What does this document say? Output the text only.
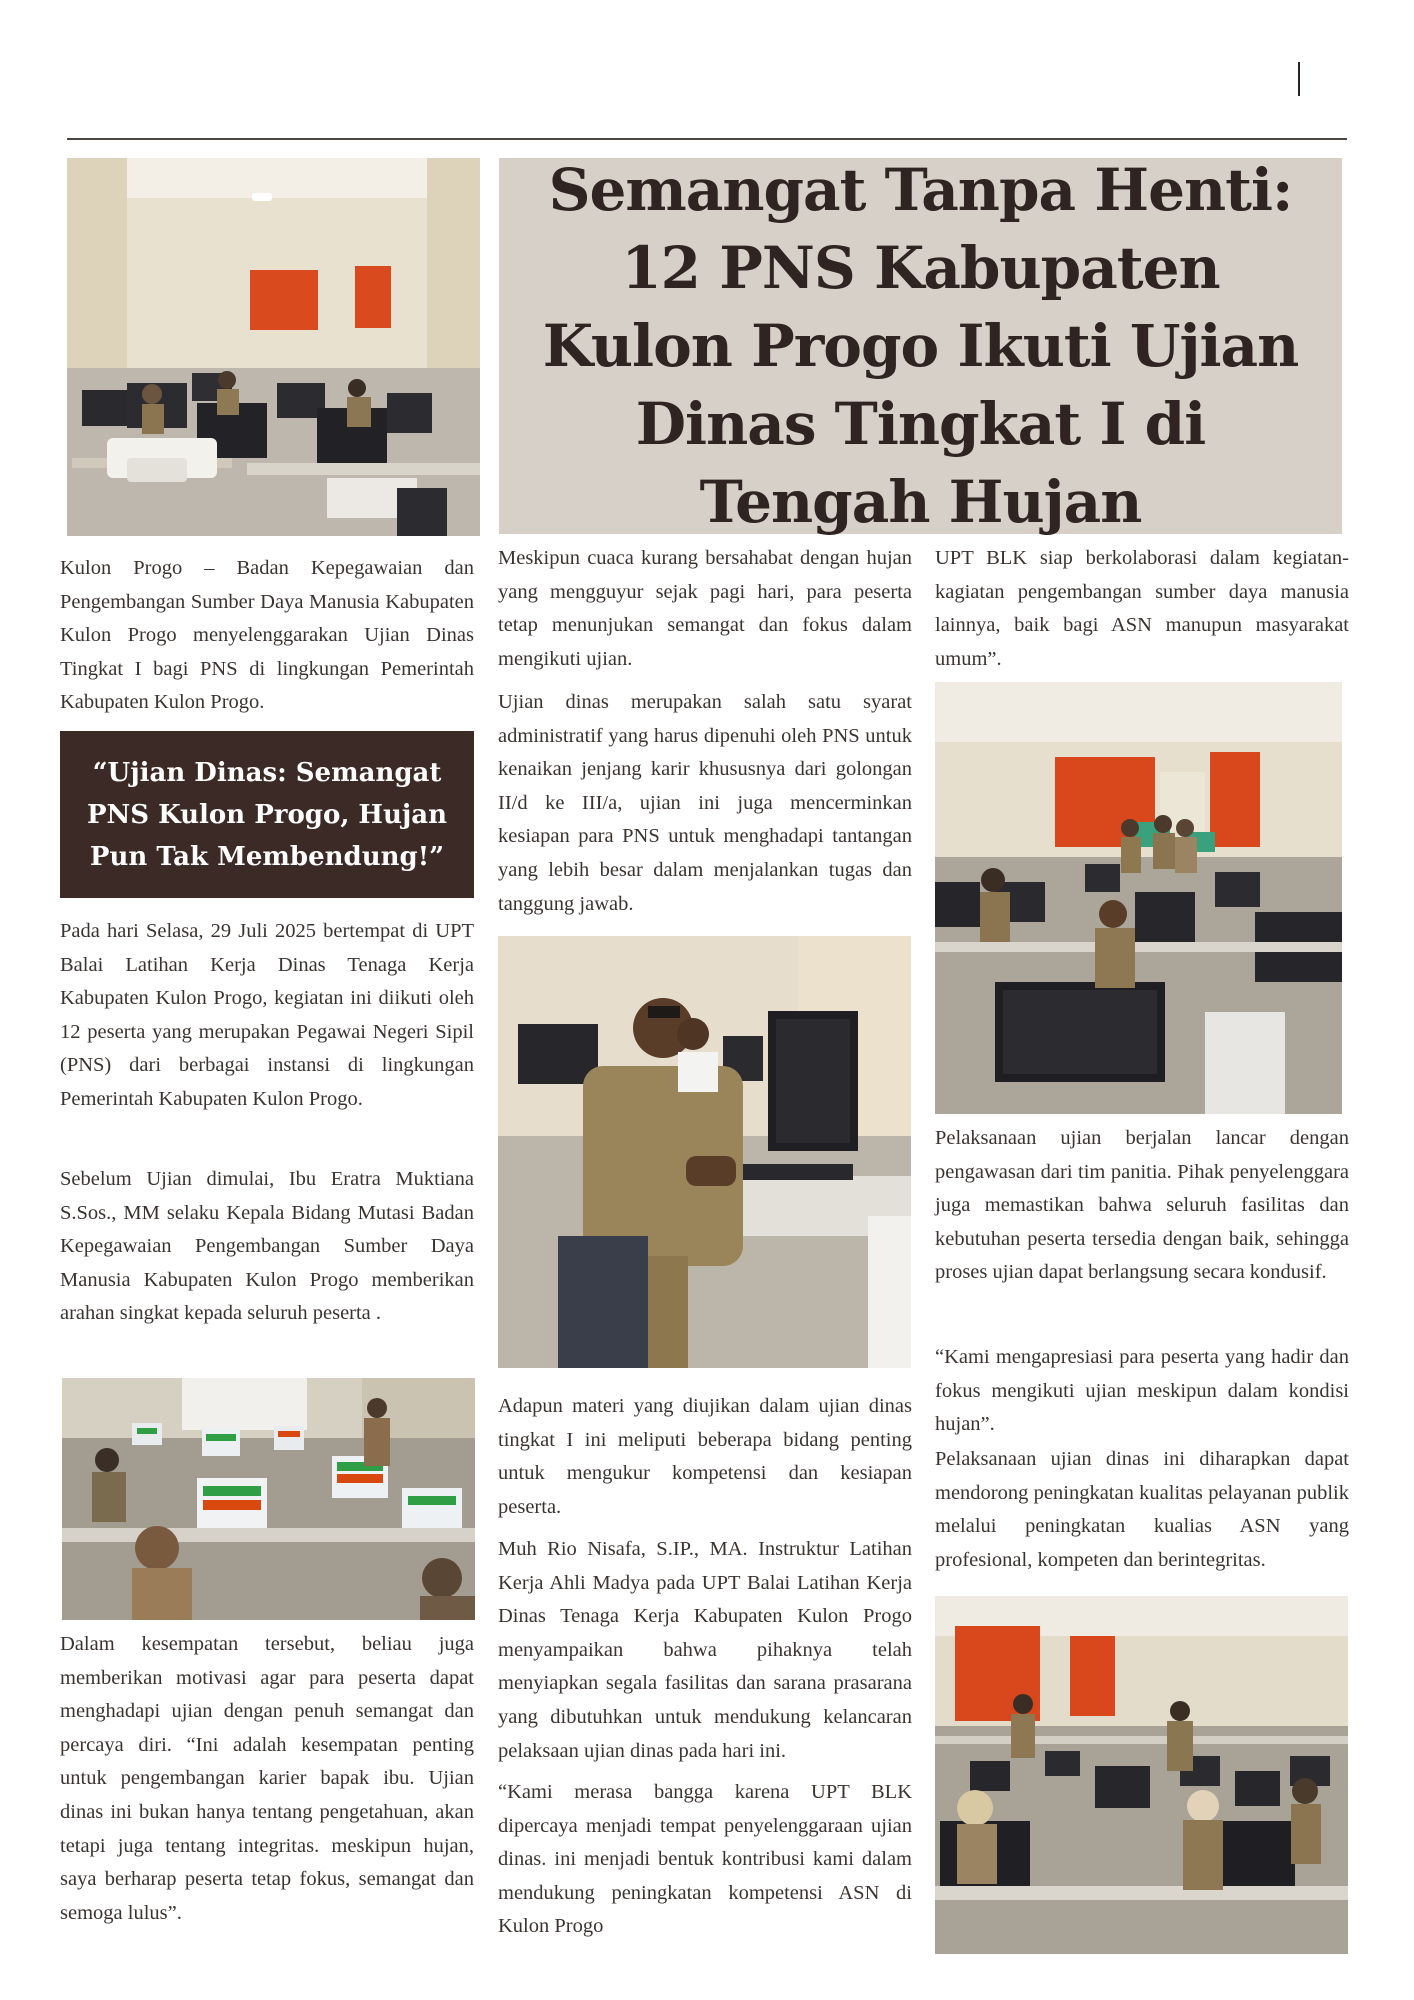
Semangat Tanpa Henti: 12 PNS Kabupaten Kulon Progo Ikuti Ujian Dinas Tingkat I di Tengah Hujan

Kulon Progo – Badan Kepegawaian dan Pengembangan Sumber Daya Manusia Kabupaten Kulon Progo menyelenggarakan Ujian Dinas Tingkat I bagi PNS di lingkungan Pemerintah Kabupaten Kulon Progo.

“Ujian Dinas: Semangat PNS Kulon Progo, Hujan Pun Tak Membendung!”

Pada hari Selasa, 29 Juli 2025 bertempat di UPT Balai Latihan Kerja Dinas Tenaga Kerja Kabupaten Kulon Progo, kegiatan ini diikuti oleh 12 peserta yang merupakan Pegawai Negeri Sipil (PNS) dari berbagai instansi di lingkungan Pemerintah Kabupaten Kulon Progo.

Sebelum Ujian dimulai, Ibu Eratra Muktiana S.Sos., MM selaku Kepala Bidang Mutasi Badan Kepegawaian Pengembangan Sumber Daya Manusia Kabupaten Kulon Progo memberikan arahan singkat kepada seluruh peserta .

Dalam kesempatan tersebut, beliau juga memberikan motivasi agar para peserta dapat menghadapi ujian dengan penuh semangat dan percaya diri. “Ini adalah kesempatan penting untuk pengembangan karier bapak ibu. Ujian dinas ini bukan hanya tentang pengetahuan, akan tetapi juga tentang integritas. meskipun hujan, saya berharap peserta tetap fokus, semangat dan semoga lulus”.

Meskipun cuaca kurang bersahabat dengan hujan yang mengguyur sejak pagi hari, para peserta tetap menunjukan semangat dan fokus dalam mengikuti ujian.

Ujian dinas merupakan salah satu syarat administratif yang harus dipenuhi oleh PNS untuk kenaikan jenjang karir khususnya dari golongan II/d ke III/a, ujian ini juga mencerminkan kesiapan para PNS untuk menghadapi tantangan yang lebih besar dalam menjalankan tugas dan tanggung jawab.

Adapun materi yang diujikan dalam ujian dinas tingkat I ini meliputi beberapa bidang penting untuk mengukur kompetensi dan kesiapan peserta.

Muh Rio Nisafa, S.IP., MA. Instruktur Latihan Kerja Ahli Madya pada UPT Balai Latihan Kerja Dinas Tenaga Kerja Kabupaten Kulon Progo menyampaikan bahwa pihaknya telah menyiapkan segala fasilitas dan sarana prasarana yang dibutuhkan untuk mendukung kelancaran pelaksaan ujian dinas pada hari ini.

“Kami merasa bangga karena UPT BLK dipercaya menjadi tempat penyelenggaraan ujian dinas. ini menjadi bentuk kontribusi kami dalam mendukung peningkatan kompetensi ASN di Kulon Progo

UPT BLK siap berkolaborasi dalam kegiatan-kagiatan pengembangan sumber daya manusia lainnya, baik bagi ASN manupun masyarakat umum”.

Pelaksanaan ujian berjalan lancar dengan pengawasan dari tim panitia. Pihak penyelenggara juga memastikan bahwa seluruh fasilitas dan kebutuhan peserta tersedia dengan baik, sehingga proses ujian dapat berlangsung secara kondusif.

“Kami mengapresiasi para peserta yang hadir dan fokus mengikuti ujian meskipun dalam kondisi hujan”.

Pelaksanaan ujian dinas ini diharapkan dapat mendorong peningkatan kualitas pelayanan publik melalui peningkatan kualias ASN yang profesional, kompeten dan berintegritas.
